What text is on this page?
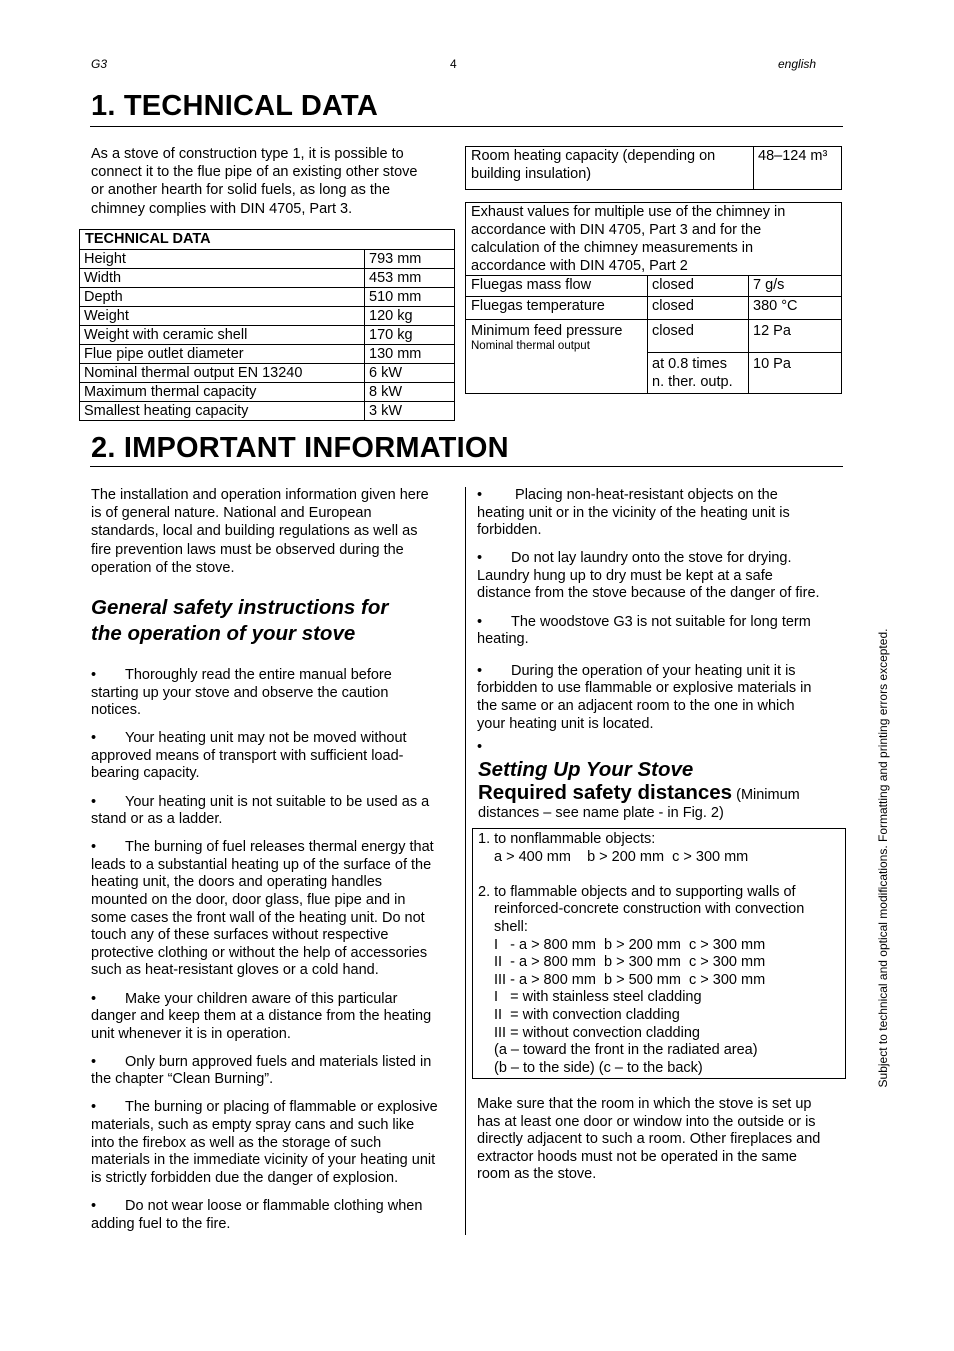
G3	4	english
1. TECHNICAL DATA
As a stove of construction type 1, it is possible to
connect it to the flue pipe of an existing other stove
or another hearth for solid fuels, as long as the
chimney complies with DIN 4705, Part 3.
TECHNICAL DATA	
Height	793 mm
Width	453 mm
Depth	510 mm
Weight	120 kg
Weight with ceramic shell	170 kg
Flue pipe outlet diameter	130 mm
Nominal thermal output EN 13240	6 kW
Maximum thermal capacity	8 kW
Smallest heating capacity	3 kW
Room heating capacity (depending on
building insulation)
	48–124 m³
Exhaust values for multiple use of the chimney in
accordance with DIN 4705, Part 3 and for the
calculation of the chimney measurements in
accordance with DIN 4705, Part 2		

Fluegas mass flow	closed	7 g/s
Fluegas temperature	closed	380 °C

Minimum feed pressure
Nominal thermal output	closed	12 Pa

	at 0.8 times
n. ther. outp.	10 Pa
2. IMPORTANT INFORMATION
The installation and operation information given here
is of general nature. National and European
standards, local and building regulations as well as
fire prevention laws must be observed during the
operation of the stove.
General safety instructions for
the operation of your stove
• Thoroughly read the entire manual before
starting up your stove and observe the caution
notices.
• Your heating unit may not be moved without
approved means of transport with sufficient load-
bearing capacity.
• Your heating unit is not suitable to be used as a
stand or as a ladder.
• The burning of fuel releases thermal energy that
leads to a substantial heating up of the surface of the
heating unit, the doors and operating handles
mounted on the door, door glass, flue pipe and in
some cases the front wall of the heating unit. Do not
touch any of these surfaces without respective
protective clothing or without the help of accessories
such as heat-resistant gloves or a cold hand.
• Make your children aware of this particular
danger and keep them at a distance from the heating
unit whenever it is in operation.
• Only burn approved fuels and materials listed in
the chapter “Clean Burning”.
• The burning or placing of flammable or explosive
materials, such as empty spray cans and such like
into the firebox as well as the storage of such
materials in the immediate vicinity of your heating unit
is strictly forbidden due the danger of explosion.
• Do not wear loose or flammable clothing when
adding fuel to the fire.
• Placing non-heat-resistant objects on the
heating unit or in the vicinity of the heating unit is
forbidden.
• Do not lay laundry onto the stove for drying.
Laundry hung up to dry must be kept at a safe
distance from the stove because of the danger of fire.
• The woodstove G3 is not suitable for long term
heating.
• During the operation of your heating unit it is
forbidden to use flammable or explosive materials in
the same or an adjacent room to the one in which
your heating unit is located.
•
Setting Up Your Stove
Required safety distances (Minimum
distances – see name plate - in Fig. 2)
1. to nonflammable objects:
a > 400 mm    b > 200 mm  c > 300 mm
2. to flammable objects and to supporting walls of
reinforced-concrete construction with convection
shell:
I   - a > 800 mm  b > 200 mm  c > 300 mm
II  - a > 800 mm  b > 300 mm  c > 300 mm
III - a > 800 mm  b > 500 mm  c > 300 mm
I   = with stainless steel cladding
II  = with convection cladding
III = without convection cladding
(a – toward the front in the radiated area)
(b – to the side) (c – to the back)
Make sure that the room in which the stove is set up
has at least one door or window into the outside or is
directly adjacent to such a room. Other fireplaces and
extractor hoods must not be operated in the same
room as the stove.
Subject to technical and optical modifications. Formatting and printing errors excepted.
